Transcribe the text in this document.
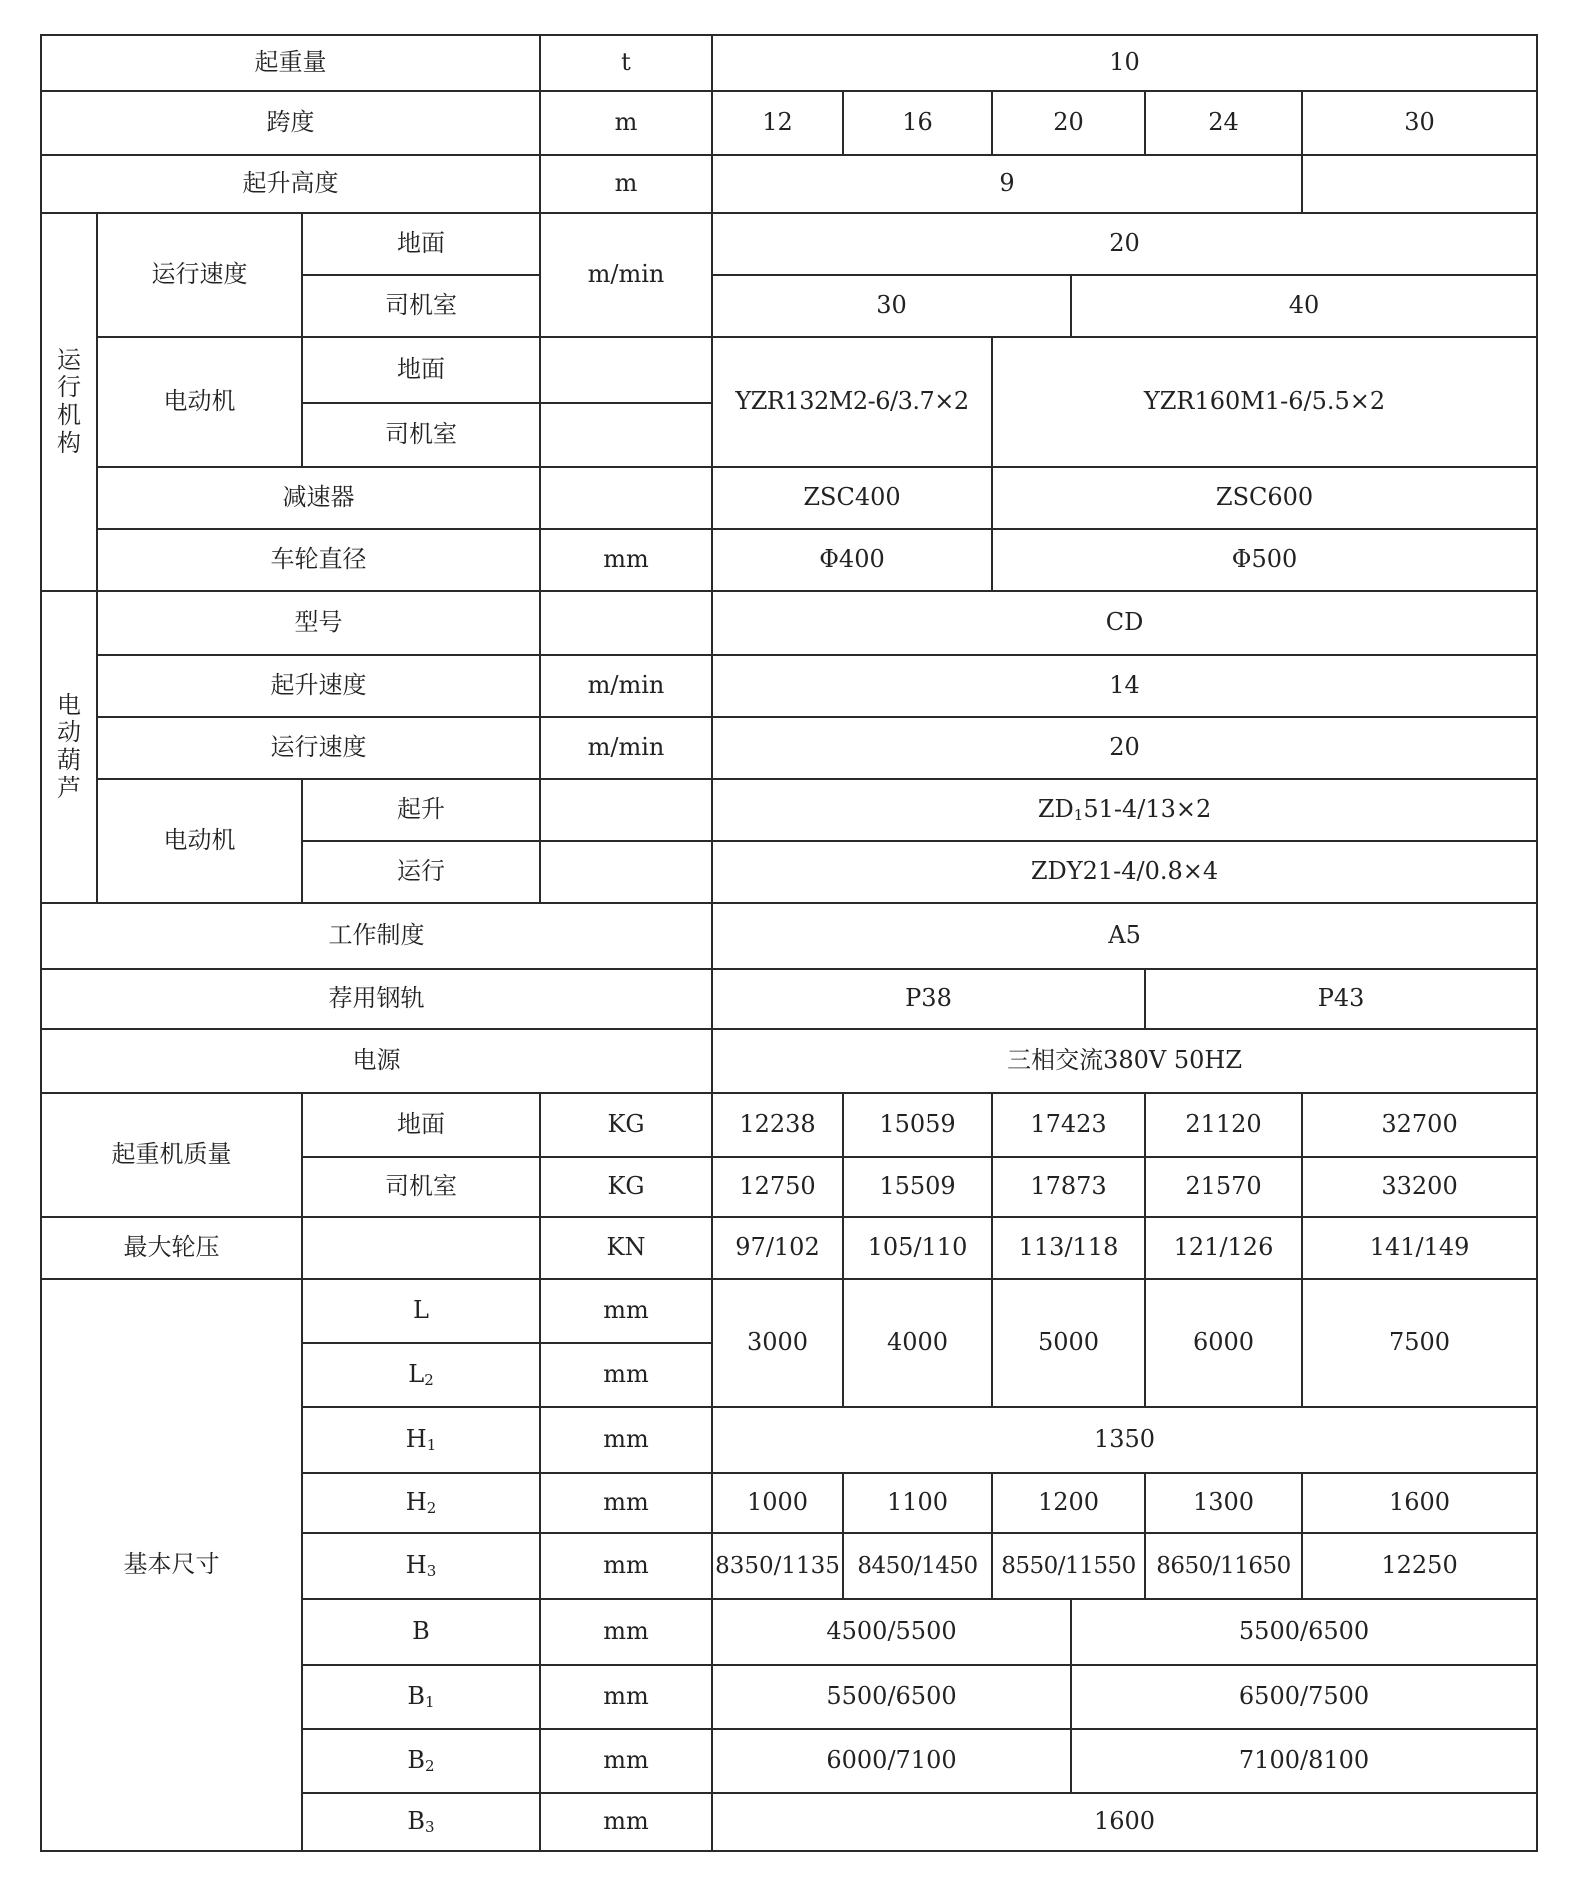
起重量			t	10					
跨度			m	12	16	20		24	30
起升高度			m	9					

运
行
机
构	运行速度	地面	m/min	20					
		司机室		30			40		
	电动机	地面		YZR132M2-6/3.7×2		YZR160M1-6/5.5×2			
		司机室							
	减速器			ZSC400		ZSC600			
	车轮直径		mm	Φ400		Φ500			

电
动
葫
芦	型号			CD					
	起升速度		m/min	14					
	运行速度		m/min	20					
	电动机	起升		$ZD_151-4/13\times 2$					
		运行		ZDY21-4/0.8×4					
工作制度				A5					
荐用钢轨				P38				P43	
电源				三相交流380V 50HZ					
起重机质量		地面	KG	12238	15059	17423		21120	32700
		司机室	KG	12750	15509	17873		21570	33200
最大轮压			KN	97/102	105/110	113/118		121/126	141/149
基本尺寸		L	mm	3000	4000	5000		6000	7500
		$L_2$	mm						
		$H_1$	mm	1350					
		$H_2$	mm	1000	1100	1200		1300	1600
		$H_3$	mm	8350/1135	8450/1450	8550/11550		8650/11650	12250
		B	mm	4500/5500			5500/6500		
		$B_1$	mm	5500/6500			6500/7500		
		$B_2$	mm	6000/7100			7100/8100		
		$B_3$	mm	1600					
